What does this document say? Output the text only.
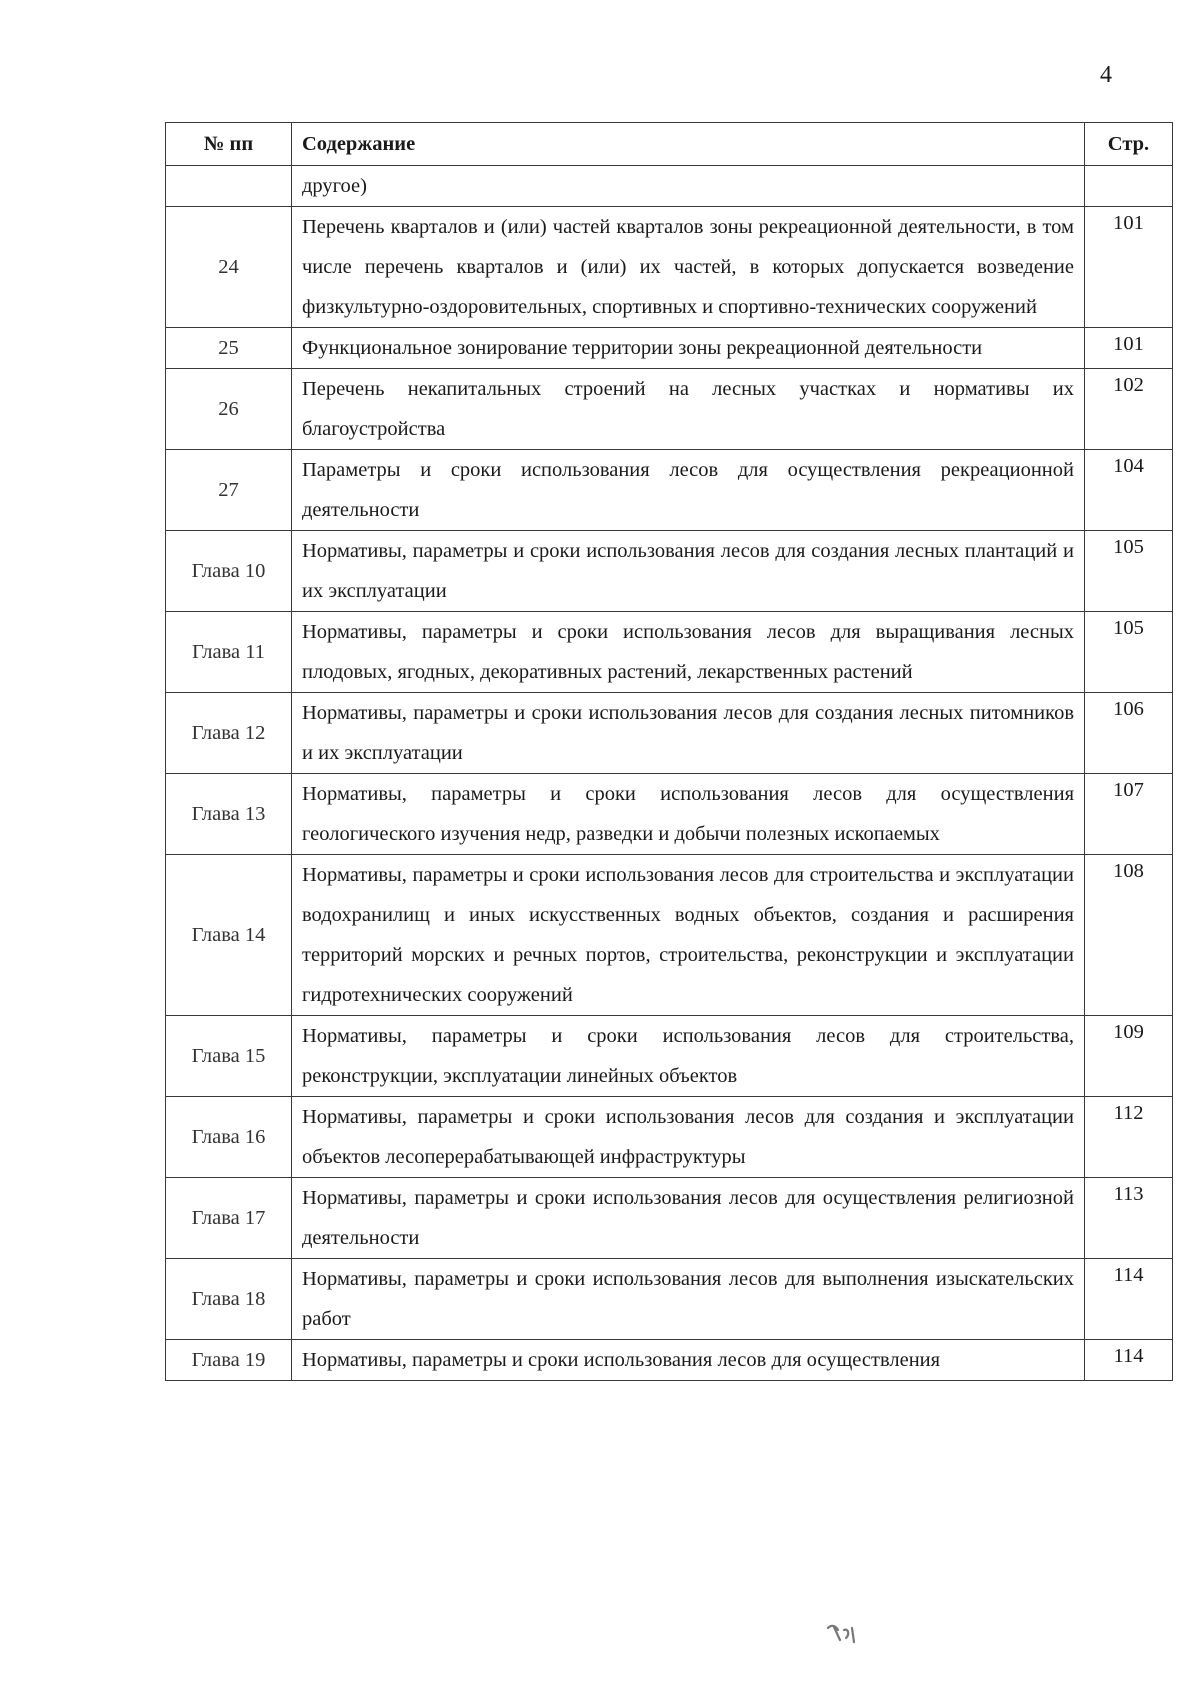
4
№ пп	Содержание	Стр.
	другое)	
24	Перечень кварталов и (или) частей кварталов зоны рекреационной деятельности, в том числе перечень кварталов и (или) их частей, в которых допускается возведение физкультурно-оздоровительных, спортивных и спортивно-технических сооружений	101
25	Функциональное зонирование территории зоны рекреационной деятельности	101
26	Перечень некапитальных строений на лесных участках и нормативы их благоустройства	102
27	Параметры и сроки использования лесов для осуществления рекреационной деятельности	104
Глава 10	Нормативы, параметры и сроки использования лесов для создания лесных плантаций и их эксплуатации	105
Глава 11	Нормативы, параметры и сроки использования лесов для выращивания лесных плодовых, ягодных, декоративных растений, лекарственных растений	105
Глава 12	Нормативы, параметры и сроки использования лесов для создания лесных питомников и их эксплуатации	106
Глава 13	Нормативы, параметры и сроки использования лесов для осуществления геологического изучения недр, разведки и добычи полезных ископаемых	107
Глава 14	Нормативы, параметры и сроки использования лесов для строительства и эксплуатации водохранилищ и иных искусственных водных объектов, создания и расширения территорий морских и речных портов, строительства, реконструкции и эксплуатации гидротехнических сооружений	108
Глава 15	Нормативы, параметры и сроки использования лесов для строительства, реконструкции, эксплуатации линейных объектов	109
Глава 16	Нормативы, параметры и сроки использования лесов для создания и эксплуатации объектов лесоперерабатывающей инфраструктуры	112
Глава 17	Нормативы, параметры и сроки использования лесов для осуществления религиозной деятельности	113
Глава 18	Нормативы, параметры и сроки использования лесов для выполнения изыскательских работ	114
Глава 19	Нормативы, параметры и сроки использования лесов для осуществления	114
